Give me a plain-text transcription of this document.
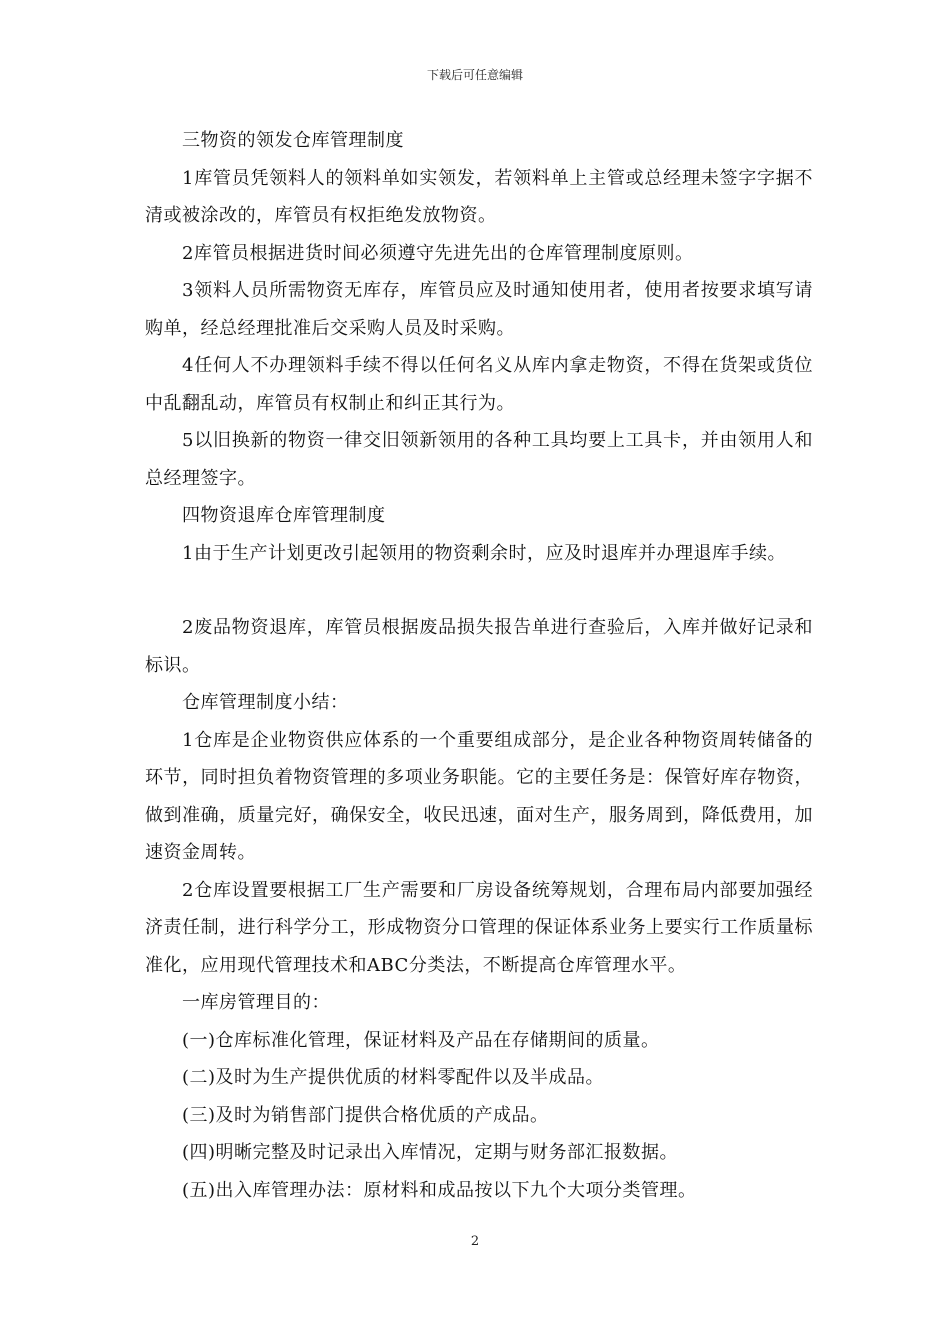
下载后可任意编辑

三物资的领发仓库管理制度

1库管员凭领料人的领料单如实领发，若领料单上主管或总经理未签字字据不清或被涂改的，库管员有权拒绝发放物资。

2库管员根据进货时间必须遵守先进先出的仓库管理制度原则。

3领料人员所需物资无库存，库管员应及时通知使用者，使用者按要求填写请购单，经总经理批准后交采购人员及时采购。

4任何人不办理领料手续不得以任何名义从库内拿走物资，不得在货架或货位中乱翻乱动，库管员有权制止和纠正其行为。

5以旧换新的物资一律交旧领新领用的各种工具均要上工具卡，并由领用人和总经理签字。

四物资退库仓库管理制度

1由于生产计划更改引起领用的物资剩余时，应及时退库并办理退库手续。

2废品物资退库，库管员根据废品损失报告单进行查验后，入库并做好记录和标识。

仓库管理制度小结：

1仓库是企业物资供应体系的一个重要组成部分，是企业各种物资周转储备的环节，同时担负着物资管理的多项业务职能。它的主要任务是：保管好库存物资，做到准确，质量完好，确保安全，收民迅速，面对生产，服务周到，降低费用，加速资金周转。

2仓库设置要根据工厂生产需要和厂房设备统筹规划，合理布局内部要加强经济责任制，进行科学分工，形成物资分口管理的保证体系业务上要实行工作质量标准化，应用现代管理技术和ABC分类法，不断提高仓库管理水平。

一库房管理目的：

(一)仓库标准化管理，保证材料及产品在存储期间的质量。

(二)及时为生产提供优质的材料零配件以及半成品。

(三)及时为销售部门提供合格优质的产成品。

(四)明晰完整及时记录出入库情况，定期与财务部汇报数据。

(五)出入库管理办法：原材料和成品按以下九个大项分类管理。

2
